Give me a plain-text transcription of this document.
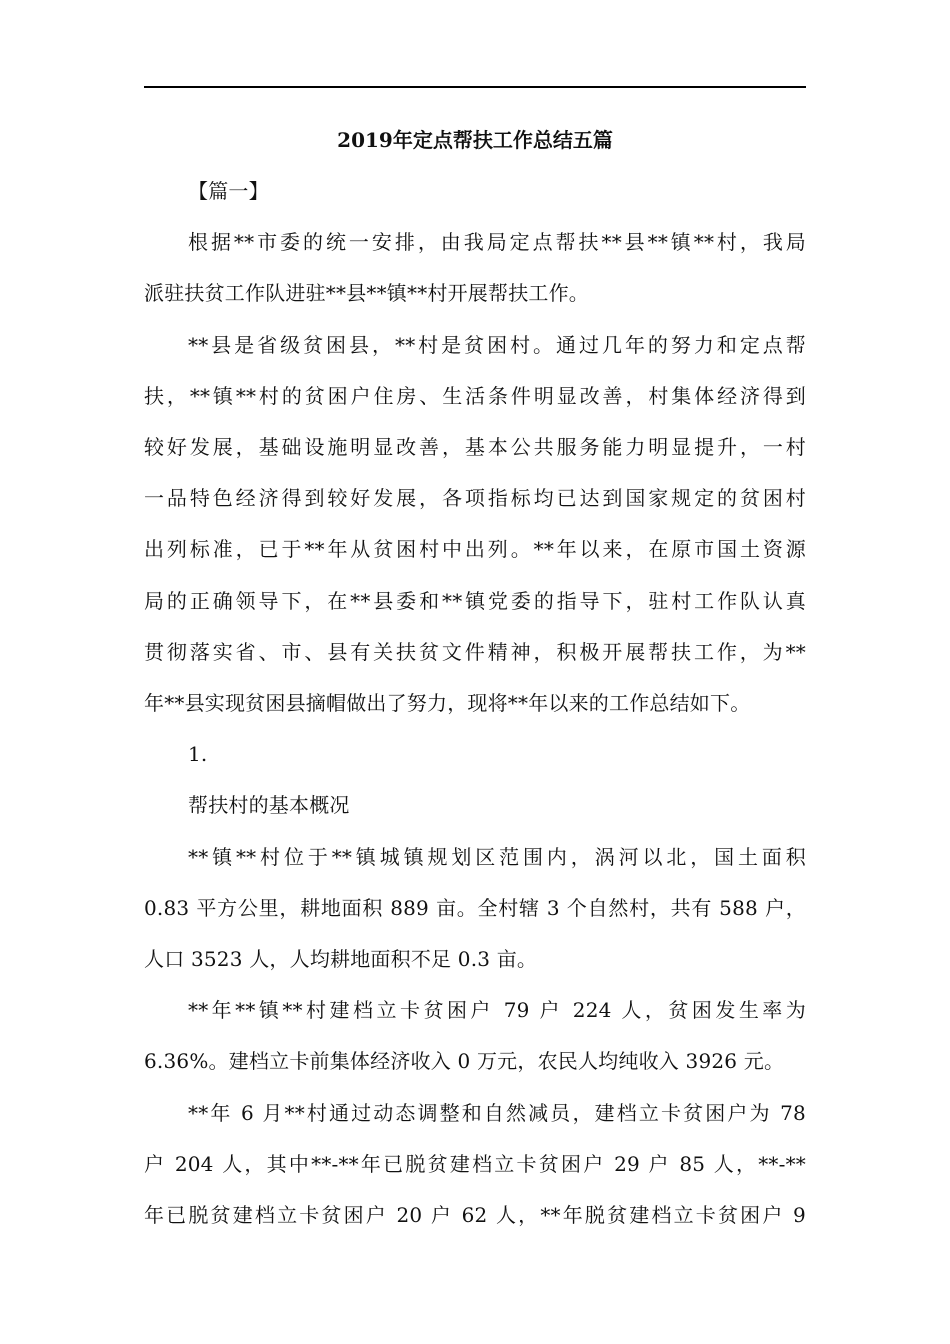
2019年定点帮扶工作总结五篇
【篇一】
根据**市委的统一安排，由我局定点帮扶**县**镇**村，我局
派驻扶贫工作队进驻**县**镇**村开展帮扶工作。
**县是省级贫困县，**村是贫困村。通过几年的努力和定点帮
扶，**镇**村的贫困户住房、生活条件明显改善，村集体经济得到
较好发展，基础设施明显改善，基本公共服务能力明显提升，一村
一品特色经济得到较好发展，各项指标均已达到国家规定的贫困村
出列标准，已于**年从贫困村中出列。**年以来，在原市国土资源
局的正确领导下，在**县委和**镇党委的指导下，驻村工作队认真
贯彻落实省、市、县有关扶贫文件精神，积极开展帮扶工作，为**
年**县实现贫困县摘帽做出了努力，现将**年以来的工作总结如下。
1.
帮扶村的基本概况
**镇**村位于**镇城镇规划区范围内，涡河以北，国土面积
0.83 平方公里，耕地面积 889 亩。全村辖 3 个自然村，共有 588 户，
人口 3523 人，人均耕地面积不足 0.3 亩。
**年**镇**村建档立卡贫困户 79 户 224 人，贫困发生率为
6.36%。建档立卡前集体经济收入 0 万元，农民人均纯收入 3926 元。
**年 6 月**村通过动态调整和自然减员，建档立卡贫困户为 78
户 204 人，其中**-**年已脱贫建档立卡贫困户 29 户 85 人，**-**
年已脱贫建档立卡贫困户 20 户 62 人，**年脱贫建档立卡贫困户 9
